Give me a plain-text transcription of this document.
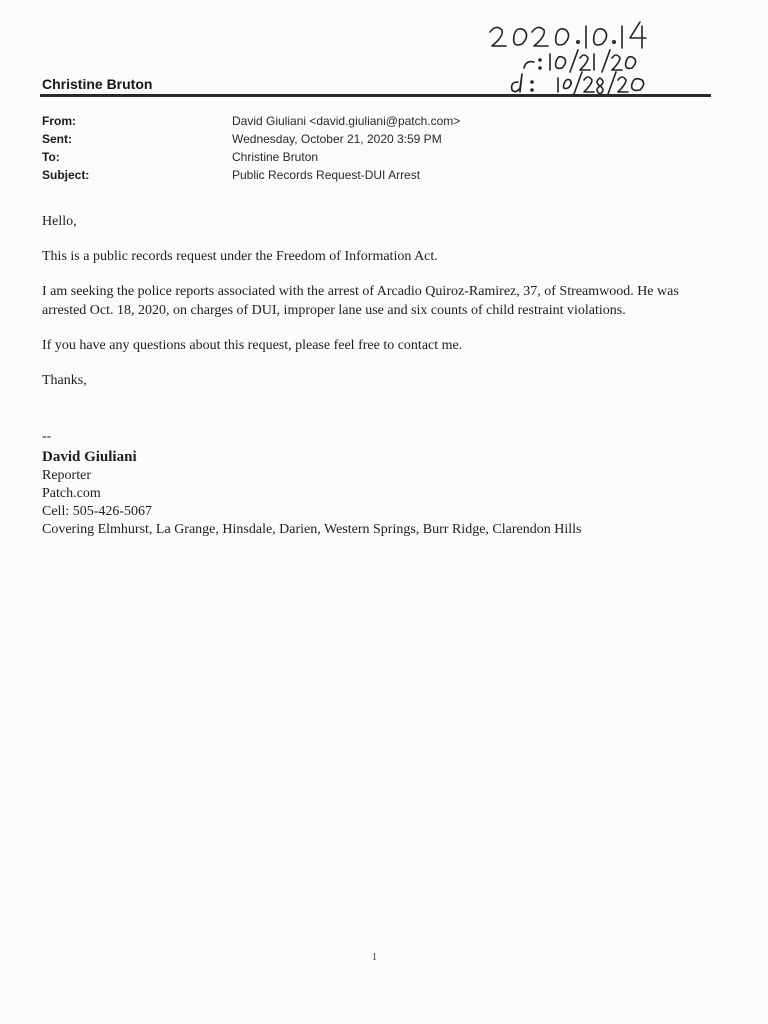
Christine Bruton
From:	David Giuliani <david.giuliani@patch.com>
Sent:	Wednesday, October 21, 2020 3:59 PM
To:	Christine Bruton
Subject:	Public Records Request-DUI Arrest

Hello,

This is a public records request under the Freedom of Information Act.

I am seeking the police reports associated with the arrest of Arcadio Quiroz-Ramirez, 37, of Streamwood. He was arrested Oct. 18, 2020, on charges of DUI, improper lane use and six counts of child restraint violations.

If you have any questions about this request, please feel free to contact me.

Thanks,

--
David Giuliani
Reporter
Patch.com
Cell: 505-426-5067
Covering Elmhurst, La Grange, Hinsdale, Darien, Western Springs, Burr Ridge, Clarendon Hills
1
